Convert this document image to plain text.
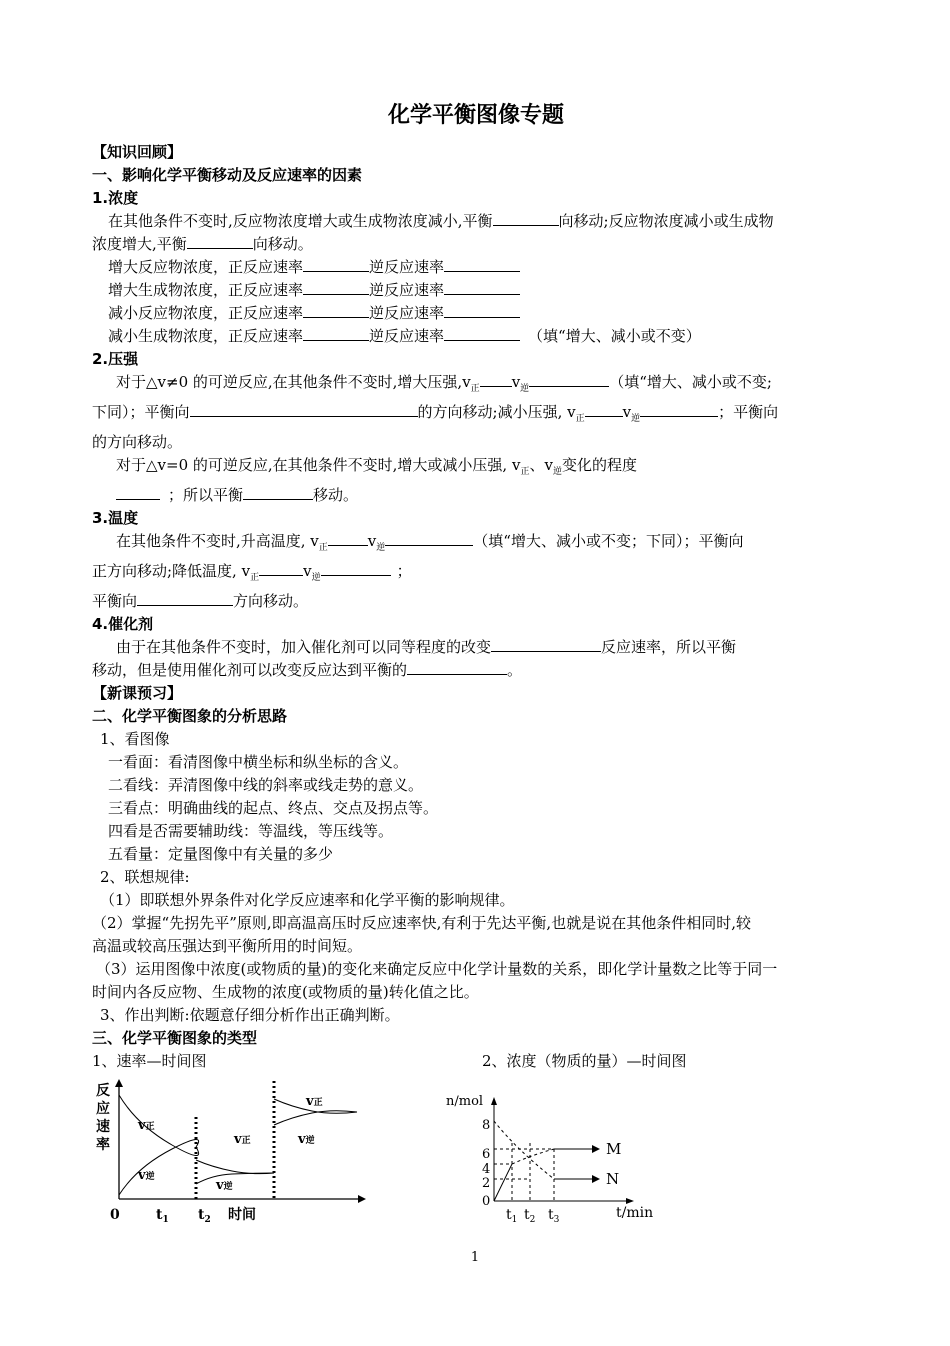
化学平衡图像专题

【知识回顾】

一、影响化学平衡移动及反应速率的因素

1.浓度

在其他条件不变时,反应物浓度增大或生成物浓度减小,平衡	向移动;反应物浓度减小或生成物
浓度增大,平衡	向移动。

增大反应物浓度，正反应速率	逆反应速率

增大生成物浓度，正反应速率	逆反应速率

减小反应物浓度，正反应速率	逆反应速率

减小生成物浓度，正反应速率	逆反应速率	（填“增大、减小或不变）

2.压强

对于△v≠0 的可逆反应,在其他条件不变时,增大压强$,v_正$ $v_逆$	（填“增大、减小或不变;
下同）；平衡向	的方向移动;减小压强, $v_正$	$v_逆$	；平衡向
的方向移动。

对于△v=0 的可逆反应,在其他条件不变时,增大或减小压强, $v_正$、$v_逆$变化的程度
；所以平衡	移动。

3.温度

在其他条件不变时,升高温度, $v_正$	$v_逆$	（填“增大、减小或不变；下同）；平衡向
正方向移动;降低温度, $v_正$	$v_逆$	；
平衡向	方向移动。

4.催化剂

由于在其他条件不变时，加入催化剂可以同等程度的改变	反应速率，所以平衡
移动，但是使用催化剂可以改变反应达到平衡的	。

【新课预习】

二、化学平衡图象的分析思路

1、看图像

一看面：看清图像中横坐标和纵坐标的含义。

二看线：弄清图像中线的斜率或线走势的意义。

三看点：明确曲线的起点、终点、交点及拐点等。

四看是否需要辅助线：等温线，等压线等。

五看量：定量图像中有关量的多少

2、联想规律:

（1）即联想外界条件对化学反应速率和化学平衡的影响规律。

（2）掌握“先拐先平”原则,即高温高压时反应速率快,有利于先达平衡,也就是说在其他条件相同时,较
高温或较高压强达到平衡所用的时间短。

（3）运用图像中浓度(或物质的量)的变化来确定反应中化学计量数的关系，即化学计量数之比等于同一
时间内各反应物、生成物的浓度(或物质的量)转化值之比。

3、作出判断:依题意仔细分析作出正确判断。

三、化学平衡图象的类型

1、速率—时间图	2、浓度（物质的量）—时间图

反
应
速
率
v正
v逆
v正
v逆
v正
v逆
0	$t_1$ $t_2$ 时间
n/mol
8
6
4
2
0
M
N
$t_1$ $t_2$ $t_3$	t/min
1
